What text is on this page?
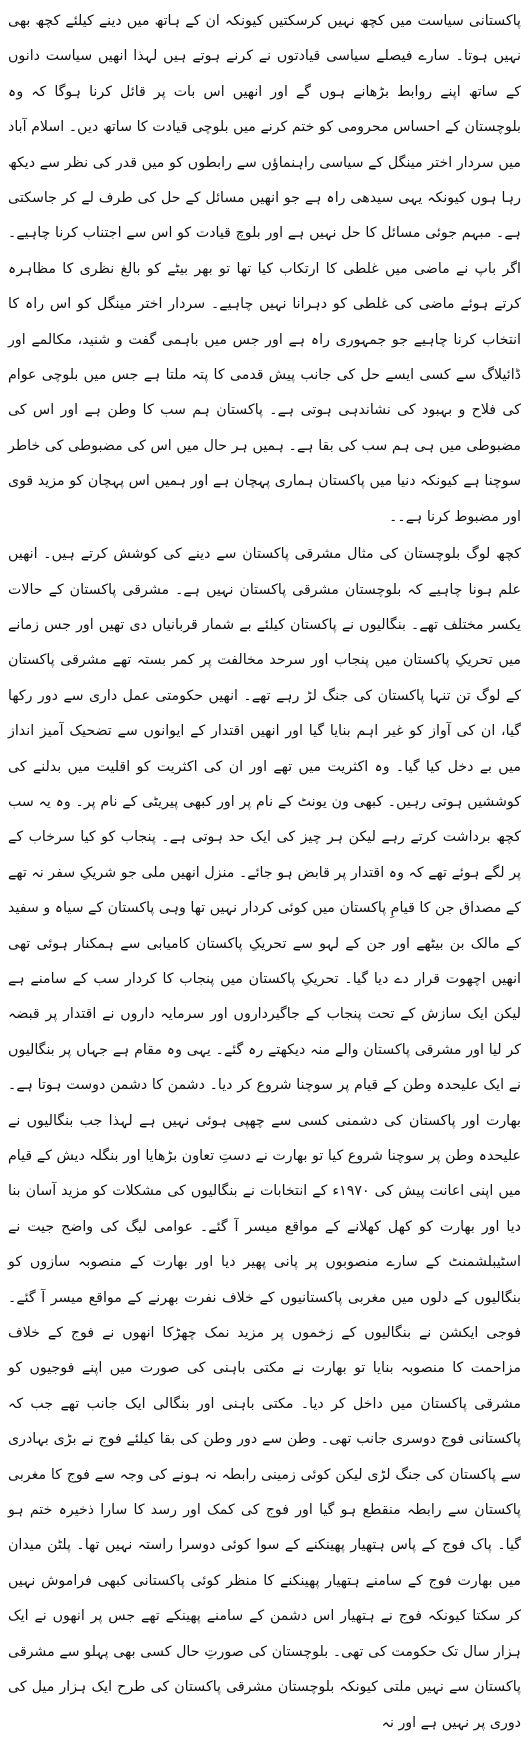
پاکستانی سیاست میں کچھ نہیں کرسکتیں کیونکہ ان کے ہاتھ میں دینے کیلئے کچھ بھی نہیں ہوتا۔ سارے فیصلے سیاسی قیادتوں نے کرنے ہوتے ہیں لہذا انھیں سیاست دانوں کے ساتھ اپنے روابط بڑھانے ہوں گے اور انھیں اس بات پر قائل کرنا ہوگا کہ وہ بلوچستان کے احساس محرومی کو ختم کرنے میں بلوچی قیادت کا ساتھ دیں۔ اسلام آباد میں سردار اختر مینگل کے سیاسی راہنماؤں سے رابطوں کو میں قدر کی نظر سے دیکھ رہا ہوں کیونکہ یہی سیدھی راہ ہے جو انھیں مسائل کے حل کی طرف لے کر جاسکتی ہے۔ مبہم جوئی مسائل کا حل نہیں ہے اور بلوچ قیادت کو اس سے اجتناب کرنا چاہیے۔ اگر باپ نے ماضی میں غلطی کا ارتکاب کیا تھا تو بھر بیٹے کو بالغ نظری کا مظاہرہ کرتے ہوئے ماضی کی غلطی کو دہرانا نہیں چاہیے۔ سردار اختر مینگل کو اس راہ کا انتخاب کرنا چاہیے جو جمہوری راہ ہے اور جس میں باہمی گفت و شنید، مکالمے اور ڈائیلاگ سے کسی ایسے حل کی جانب پیش قدمی کا پتہ ملتا ہے جس میں بلوچی عوام کی فلاح و بہبود کی نشاندہی ہوتی ہے۔ پاکستان ہم سب کا وطن ہے اور اس کی مضبوطی میں ہی ہم سب کی بقا ہے۔ ہمیں ہر حال میں اس کی مضبوطی کی خاطر سوچنا ہے کیونکہ دنیا میں پاکستان ہماری پہچان ہے اور ہمیں اس پہچان کو مزید قوی اور مضبوط کرنا ہے۔۔

کچھ لوگ بلوچستان کی مثال مشرقی پاکستان سے دینے کی کوشش کرتے ہیں۔ انھیں علم ہونا چاہیے کہ بلوچستان مشرقی پاکستان نہیں ہے۔ مشرقی پاکستان کے حالات یکسر مختلف تھے۔ بنگالیوں نے پاکستان کیلئے بے شمار قربانیاں دی تھیں اور جس زمانے میں تحریکِ پاکستان میں پنجاب اور سرحد مخالفت پر کمر بستہ تھے مشرقی پاکستان کے لوگ تن تنہا پاکستان کی جنگ لڑ رہے تھے۔ انھیں حکومتی عمل داری سے دور رکھا گیا، ان کی آواز کو غیر اہم بنایا گیا اور انھیں اقتدار کے ایوانوں سے تضحیک آمیز انداز میں بے دخل کیا گیا۔ وہ اکثریت میں تھے اور ان کی اکثریت کو اقلیت میں بدلنے کی کوششیں ہوتی رہیں۔ کبھی ون یونٹ کے نام پر اور کبھی پیریٹی کے نام پر۔ وہ یہ سب کچھ برداشت کرتے رہے لیکن ہر چیز کی ایک حد ہوتی ہے۔ پنجاب کو کیا سرخاب کے پر لگے ہوئے تھے کہ وہ اقتدار پر قابض ہو جائے۔ منزل انھیں ملی جو شریکِ سفر نہ تھے کے مصداق جن کا قیامِ پاکستان میں کوئی کردار نہیں تھا وہی پاکستان کے سیاہ و سفید کے مالک بن بیٹھے اور جن کے لہو سے تحریکِ پاکستان کامیابی سے ہمکنار ہوئی تھی انھیں اچھوت قرار دے دیا گیا۔ تحریکِ پاکستان میں پنجاب کا کردار سب کے سامنے ہے لیکن ایک سازش کے تحت پنجاب کے جاگیرداروں اور سرمایہ داروں نے اقتدار پر قبضہ کر لیا اور مشرقی پاکستان والے منہ دیکھتے رہ گئے۔ یہی وہ مقام ہے جہاں پر بنگالیوں نے ایک علیحدہ وطن کے قیام پر سوچنا شروع کر دیا۔ دشمن کا دشمن دوست ہوتا ہے۔ بھارت اور پاکستان کی دشمنی کسی سے چھپی ہوئی نہیں ہے لہذا جب بنگالیوں نے علیحدہ وطن پر سوچنا شروع کیا تو بھارت نے دستِ تعاون بڑھایا اور بنگلہ دیش کے قیام میں اپنی اعانت پیش کی ۱۹۷۰ء کے انتخابات نے بنگالیوں کی مشکلات کو مزید آسان بنا دیا اور بھارت کو کھل کھلانے کے مواقع میسر آ گئے۔ عوامی لیگ کی واضح جیت نے اسٹیبلشمنٹ کے سارے منصوبوں پر پانی پھیر دیا اور بھارت کے منصوبہ سازوں کو بنگالیوں کے دلوں میں مغربی پاکستانیوں کے خلاف نفرت بھرنے کے مواقع میسر آ گئے۔ فوجی ایکشن نے بنگالیوں کے زخموں پر مزید نمک چھڑکا انھوں نے فوج کے خلاف مزاحمت کا منصوبہ بنایا تو بھارت نے مکتی باہنی کی صورت میں اپنے فوجیوں کو مشرقی پاکستان میں داخل کر دیا۔ مکتی باہنی اور بنگالی ایک جانب تھے جب کہ پاکستانی فوج دوسری جانب تھی۔ وطن سے دور وطن کی بقا کیلئے فوج نے بڑی بہادری سے پاکستان کی جنگ لڑی لیکن کوئی زمینی رابطہ نہ ہونے کی وجہ سے فوج کا مغربی پاکستان سے رابطہ منقطع ہو گیا اور فوج کی کمک اور رسد کا سارا ذخیرہ ختم ہو گیا۔ پاک فوج کے پاس ہتھیار پھینکنے کے سوا کوئی دوسرا راستہ نہیں تھا۔ پلٹن میدان میں بھارت فوج کے سامنے ہتھیار پھینکنے کا منظر کوئی پاکستانی کبھی فراموش نہیں کر سکتا کیونکہ فوج نے ہتھیار اس دشمن کے سامنے پھینکے تھے جس پر انھوں نے ایک ہزار سال تک حکومت کی تھی۔ بلوچستان کی صورتِ حال کسی بھی پہلو سے مشرقی پاکستان سے نہیں ملتی کیونکہ بلوچستان مشرقی پاکستان کی طرح ایک ہزار میل کی دوری پر نہیں ہے اور نہ
